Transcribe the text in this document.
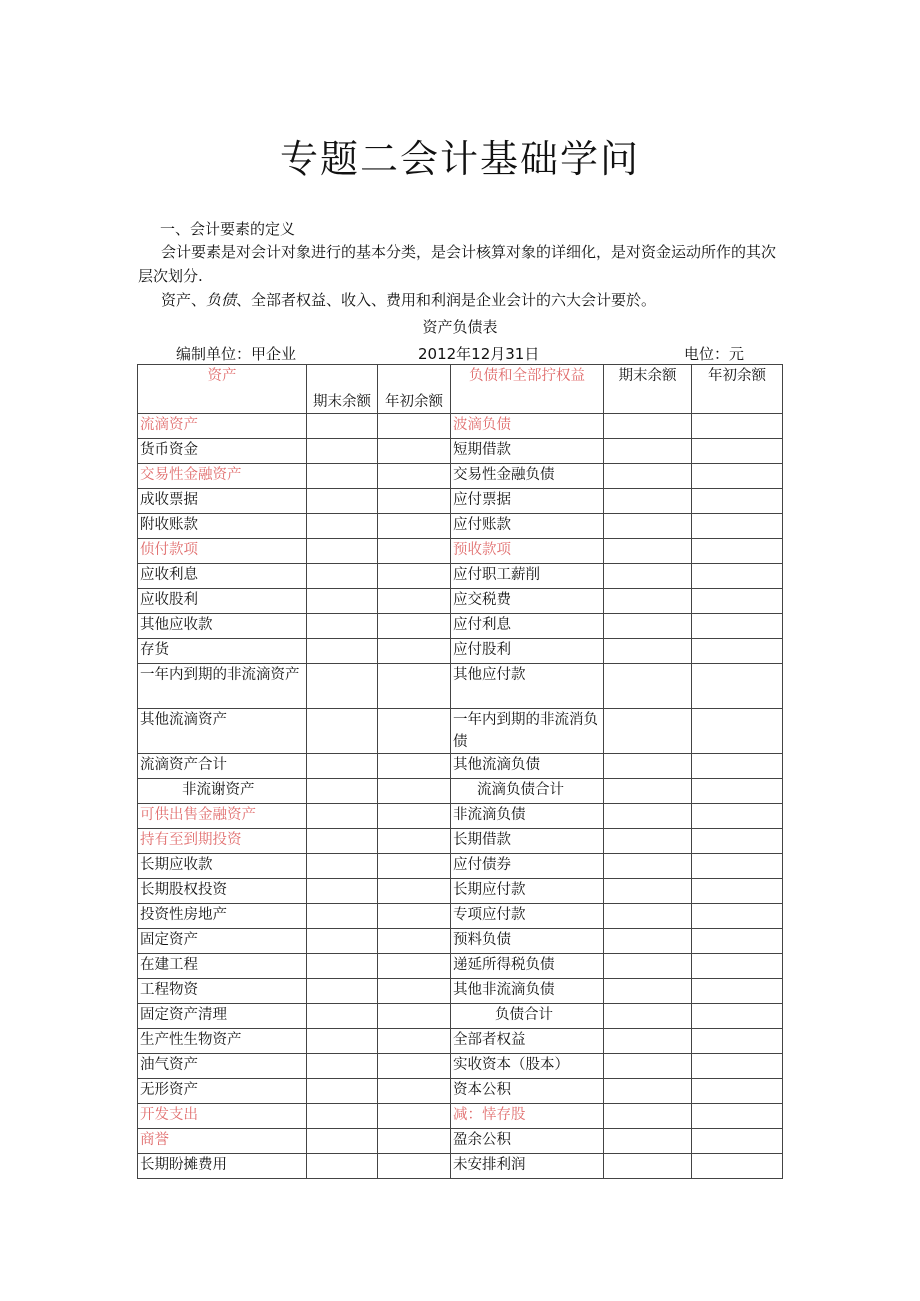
专题二会计基础学问
一、会计要素的定义
会计要素是对会计对象进行的基本分类，是会计核算对象的详细化，是对资金运动所作的其次层次划分.
资产、负债、全部者权益、收入、费用和利润是企业会计的六大会计要於。
资产负债表
编制单位：甲企业	2012年12月31日	电位：元
资产	期末余额	年初余额	负债和全部拧权益	期末余额	年初余额
流滴资产			波滴负债		
货币资金			短期借款		
交易性金融资产			交易性金融负债		
成收票据			应付票据		
附收账款			应付账款		
侦付款项			预收款项		
应收利息			应付职工薪削		
应收股利			应交税费		
其他应收款			应付利息		
存货			应付股利		
一年内到期的非流滴资产			其他应付款		
其他流滴资产			一年内到期的非流消负债		
流滴资产合计			其他流滴负债		
非流谢资产			流滴负债合计		
可供出售金融资产			非流滴负债		
持有至到期投资			长期借款		
长期应收款			应付债券		
长期股权投资			长期应付款		
投资性房地产			专项应付款		
固定资产			预料负债		
在建工程			递延所得税负债		
工程物资			其他非流滴负债		
固定资产清理			负债合计		
生产性生物资产			全部者权益		
油气资产			实收资本（股本）		
无形资产			资本公积		
开发支出			减：悻存股		
商誉			盈余公积		
长期盼摊费用			未安排利润		
